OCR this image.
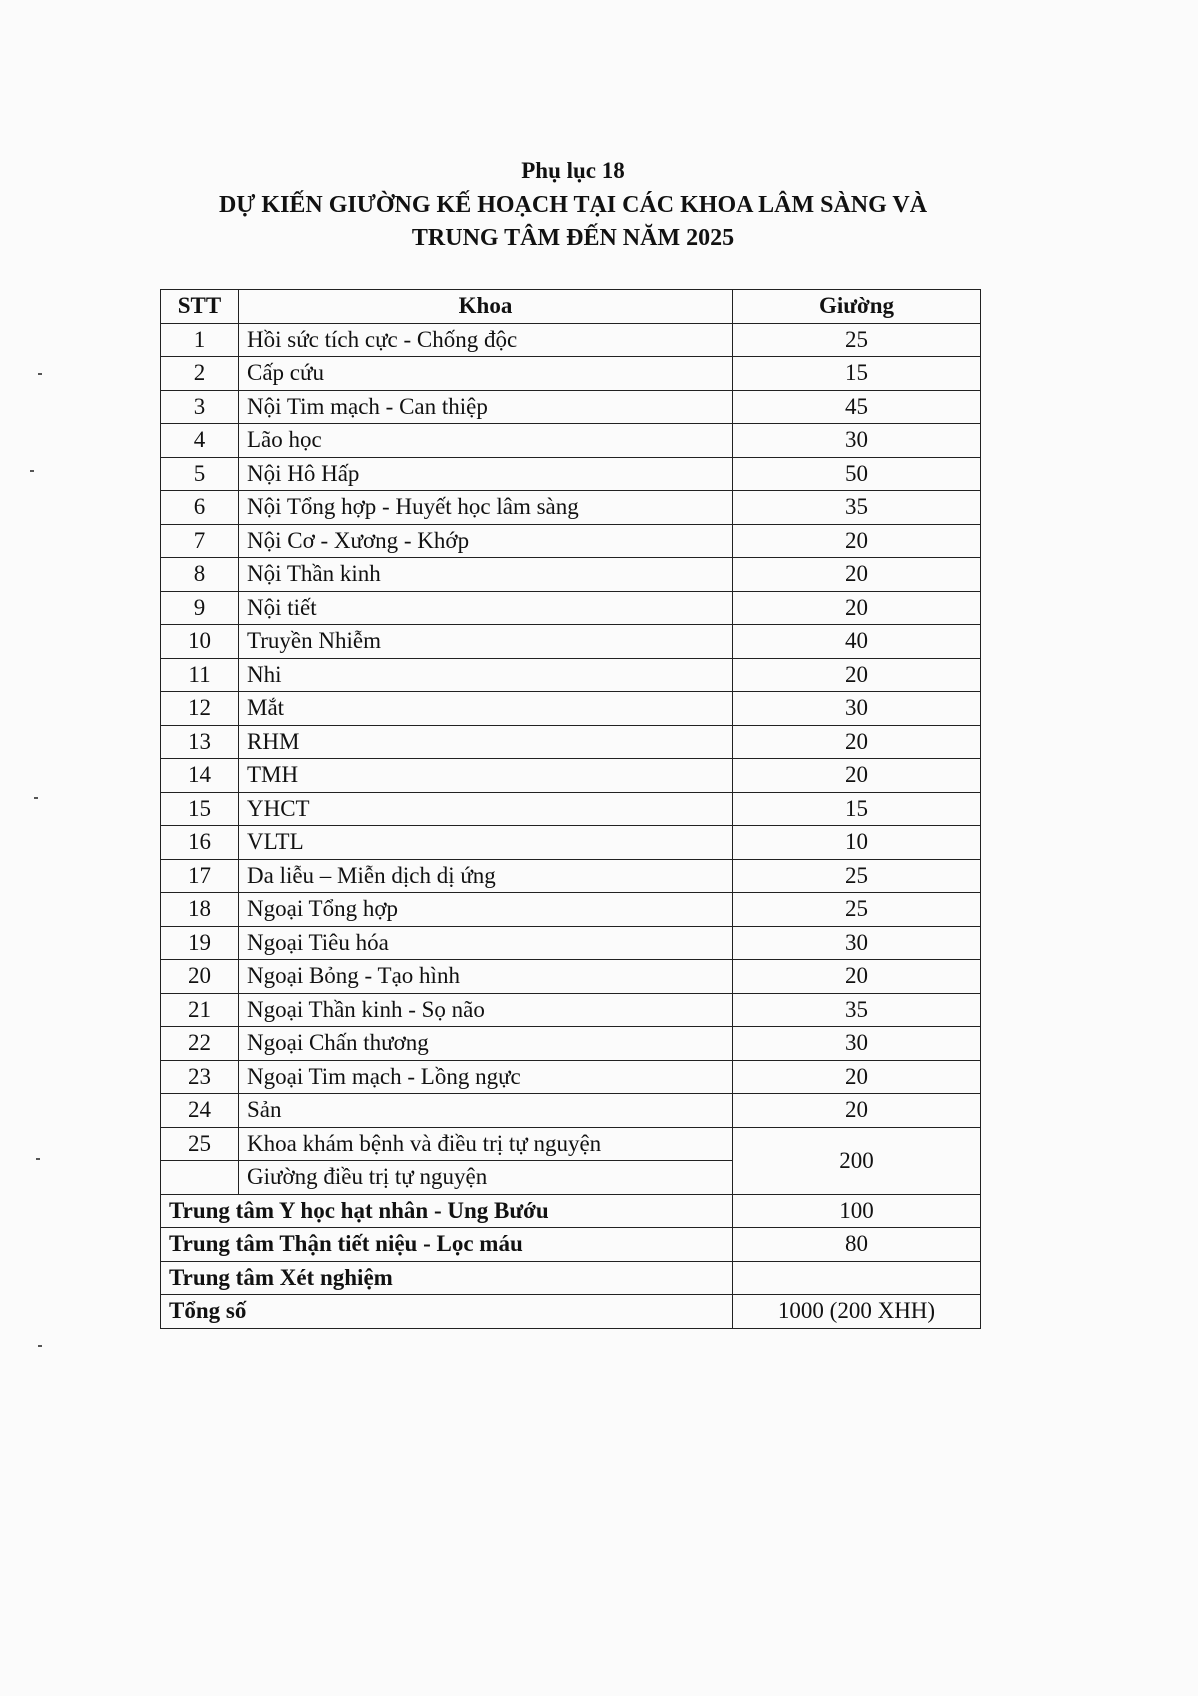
Phụ lục 18
DỰ KIẾN GIƯỜNG KẾ HOẠCH TẠI CÁC KHOA LÂM SÀNG VÀ
TRUNG TÂM ĐẾN NĂM 2025
STT	Khoa	Giường
1	Hồi sức tích cực - Chống độc	25
2	Cấp cứu	15
3	Nội Tim mạch - Can thiệp	45
4	Lão học	30
5	Nội Hô Hấp	50
6	Nội Tổng hợp - Huyết học lâm sàng	35
7	Nội Cơ - Xương - Khớp	20
8	Nội Thần kinh	20
9	Nội tiết	20
10	Truyền Nhiễm	40
11	Nhi	20
12	Mắt	30
13	RHM	20
14	TMH	20
15	YHCT	15
16	VLTL	10
17	Da liễu – Miễn dịch dị ứng	25
18	Ngoại Tổng hợp	25
19	Ngoại Tiêu hóa	30
20	Ngoại Bỏng - Tạo hình	20
21	Ngoại Thần kinh - Sọ não	35
22	Ngoại Chấn thương	30
23	Ngoại Tim mạch - Lồng ngực	20
24	Sản	20
25	Khoa khám bệnh và điều trị tự nguyện	200
	Giường điều trị tự nguyện	
Trung tâm Y học hạt nhân - Ung Bướu		100
Trung tâm Thận tiết niệu - Lọc máu		80
Trung tâm Xét nghiệm		
Tổng số		1000 (200 XHH)
